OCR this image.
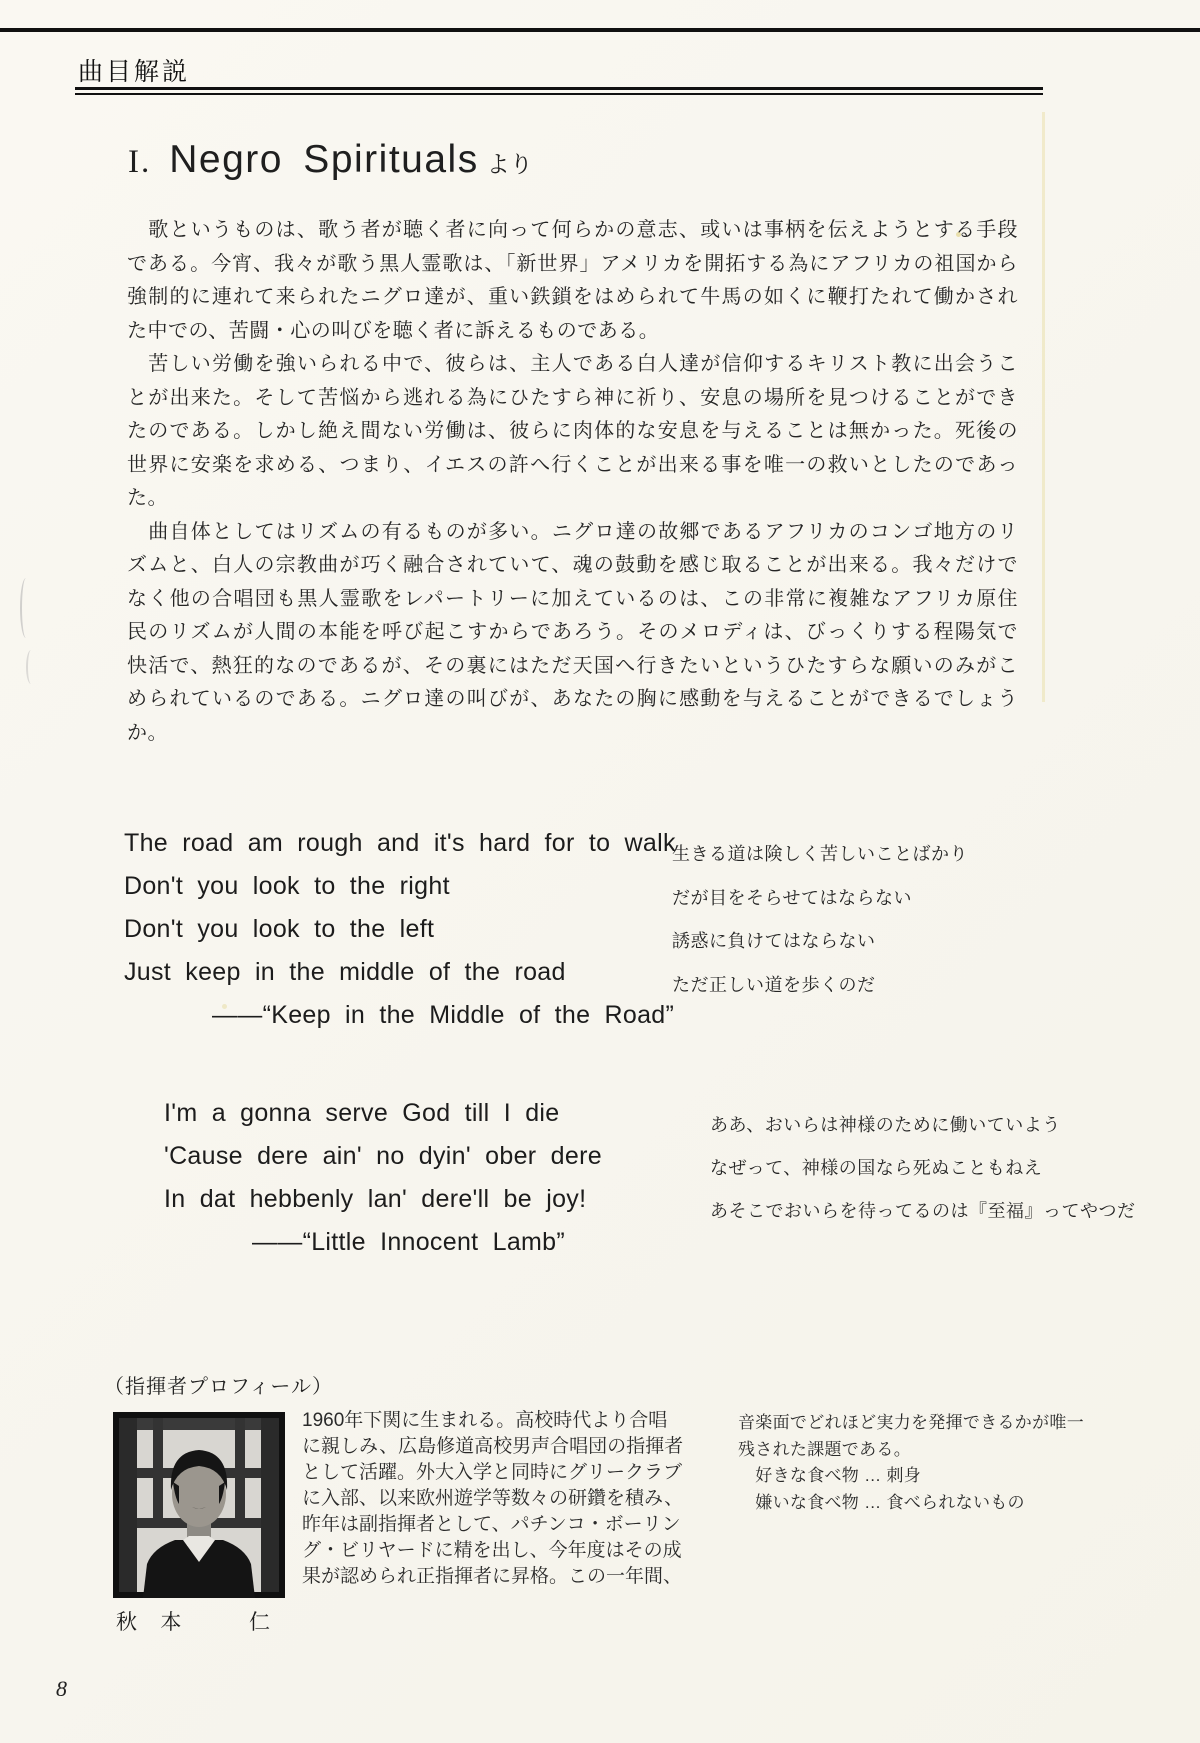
曲目解説
I. Negro Spirituals より
　歌というものは、歌う者が聴く者に向って何らかの意志、或いは事柄を伝えようとする手段
である。今宵、我々が歌う黒人霊歌は、「新世界」アメリカを開拓する為にアフリカの祖国から
強制的に連れて来られたニグロ達が、重い鉄鎖をはめられて牛馬の如くに鞭打たれて働かされ
た中での、苦闘・心の叫びを聴く者に訴えるものである。
　苦しい労働を強いられる中で、彼らは、主人である白人達が信仰するキリスト教に出会うこ
とが出来た。そして苦悩から逃れる為にひたすら神に祈り、安息の場所を見つけることができ
たのである。しかし絶え間ない労働は、彼らに肉体的な安息を与えることは無かった。死後の
世界に安楽を求める、つまり、イエスの許へ行くことが出来る事を唯一の救いとしたのであっ
た。
　曲自体としてはリズムの有るものが多い。ニグロ達の故郷であるアフリカのコンゴ地方のリ
ズムと、白人の宗教曲が巧く融合されていて、魂の鼓動を感じ取ることが出来る。我々だけで
なく他の合唱団も黒人霊歌をレパートリーに加えているのは、この非常に複雑なアフリカ原住
民のリズムが人間の本能を呼び起こすからであろう。そのメロディは、びっくりする程陽気で
快活で、熱狂的なのであるが、その裏にはただ天国へ行きたいというひたすらな願いのみがこ
められているのである。ニグロ達の叫びが、あなたの胸に感動を与えることができるでしょう
か。
The road am rough and it's hard for to walk
Don't you look to the right
Don't you look to the left
Just keep in the middle of the road
——“Keep in the Middle of the Road”
生きる道は険しく苦しいことばかり
だが目をそらせてはならない
誘惑に負けてはならない
ただ正しい道を歩くのだ
I'm a gonna serve God till I die
'Cause dere ain' no dyin' ober dere
In dat hebbenly lan' dere'll be joy!
——“Little Innocent Lamb”
ああ、おいらは神様のために働いていよう
なぜって、神様の国なら死ぬこともねえ
あそこでおいらを待ってるのは『至福』ってやつだ
（指揮者プロフィール）
秋本　仁
1960年下関に生まれる。高校時代より合唱
に親しみ、広島修道高校男声合唱団の指揮者
として活躍。外大入学と同時にグリークラブ
に入部、以来欧州遊学等数々の研鑽を積み、
昨年は副指揮者として、パチンコ・ボーリン
グ・ビリヤードに精を出し、今年度はその成
果が認められ正指揮者に昇格。この一年間、
音楽面でどれほど実力を発揮できるかが唯一
残された課題である。
　好きな食べ物 … 刺身
　嫌いな食べ物 … 食べられないもの
8
